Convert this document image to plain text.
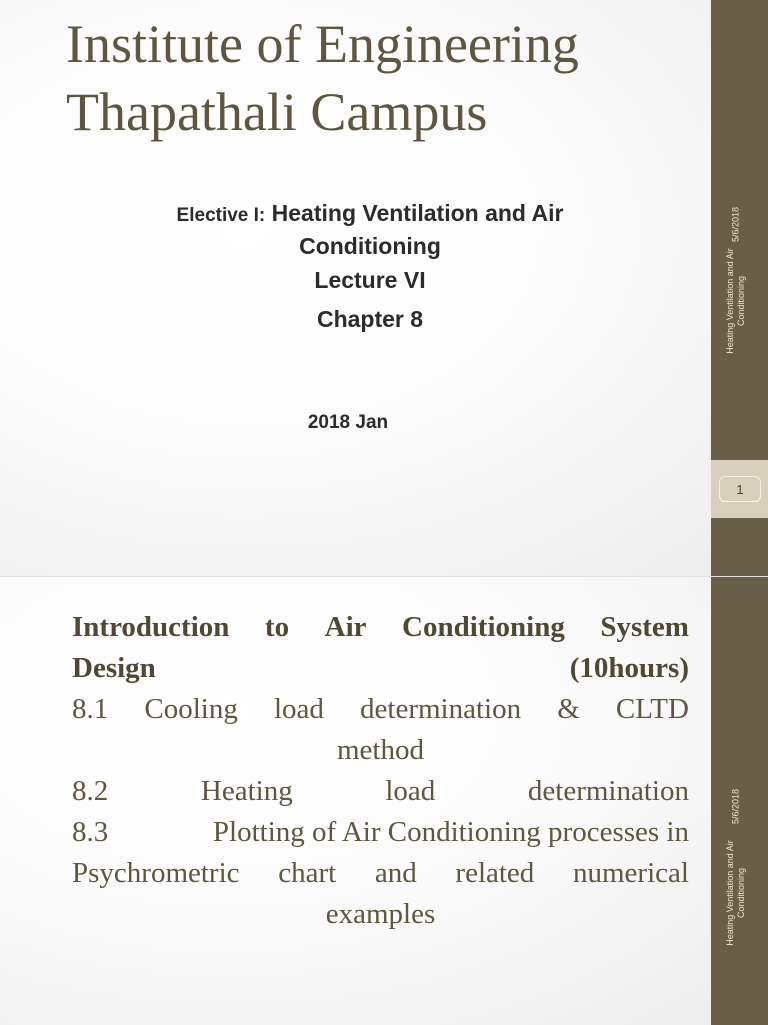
Institute of Engineering
Thapathali Campus
Elective I: Heating Ventilation and Air
Conditioning
Lecture VI
Chapter 8
2018 Jan
5/6/2018
Heating Ventilation and Air Conditioning
1
Introduction to Air Conditioning System
Design	(10hours)
8.1 Cooling load determination & CLTD
method
8.2	Heating	load	determination
8.3	Plotting of Air Conditioning processes in
Psychrometric chart and related numerical
examples
5/6/2018
Heating Ventilation and Air Conditioning
